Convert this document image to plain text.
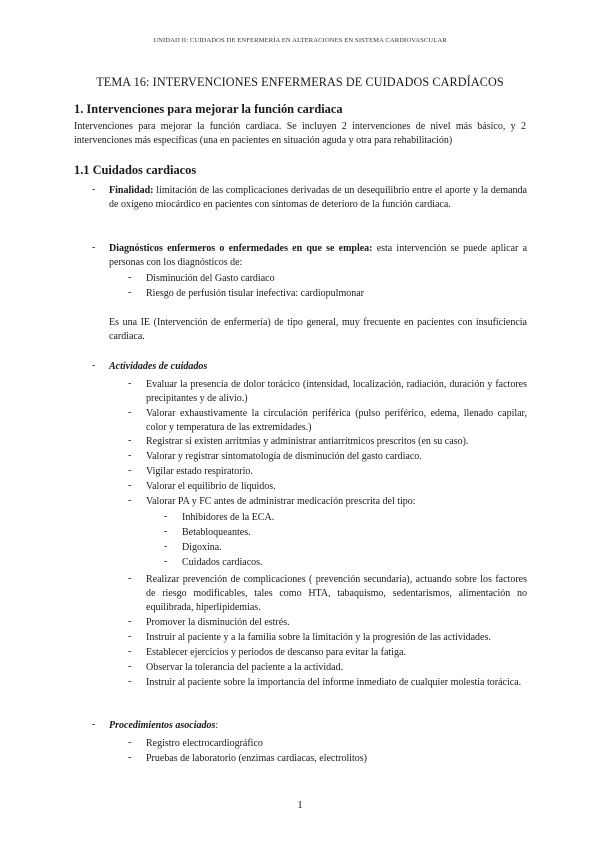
UNIDAD II: CUIDADOS DE ENFERMERÍA EN ALTERACIONES EN SISTEMA CARDIOVASCULAR
TEMA 16: INTERVENCIONES ENFERMERAS DE CUIDADOS CARDÍACOS
1. Intervenciones para mejorar la función cardiaca
Intervenciones para mejorar la función cardiaca. Se incluyen 2 intervenciones de nivel más básico, y 2 intervenciones más específicas (una en pacientes en situación aguda y otra para rehabilitación)
1.1 Cuidados cardiacos
- Finalidad: limitación de las complicaciones derivadas de un desequilibrio entre el aporte y la demanda de oxígeno miocárdico en pacientes con síntomas de deterioro de la función cardiaca.
- Diagnósticos enfermeros o enfermedades en que se emplea: esta intervención se puede aplicar a personas con los diagnósticos de:
- Disminución del Gasto cardiaco
- Riesgo de perfusión tisular inefectiva: cardiopulmonar
Es una IE (Intervención de enfermería) de tipo general, muy frecuente en pacientes con insuficiencia cardiaca.
- Actividades de cuidados
- Evaluar la presencia de dolor torácico (intensidad, localización, radiación, duración y factores precipitantes y de alivio.)
- Valorar exhaustivamente la circulación periférica (pulso periférico, edema, llenado capilar, color y temperatura de las extremidades.)
- Registrar si existen arritmias y administrar antiarrítmicos prescritos (en su caso).
- Valorar y registrar sintomatología de disminución del gasto cardiaco.
- Vigilar estado respiratorio.
- Valorar el equilibrio de líquidos.
- Valorar PA y FC antes de administrar medicación prescrita del tipo:
- Inhibidores de la ECA.
- Betabloqueantes.
- Digoxina.
- Cuidados cardiacos.
- Realizar prevención de complicaciones ( prevención secundaria), actuando sobre los factores de riesgo modificables, tales como HTA, tabaquismo, sedentarismos, alimentación no equilibrada, hiperlipidemias.
- Promover la disminución del estrés.
- Instruir al paciente y a la familia sobre la limitación y la progresión de las actividades.
- Establecer ejercicios y periodos de descanso para evitar la fatiga.
- Observar la tolerancia del paciente a la actividad.
- Instruir al paciente sobre la importancia del informe inmediato de cualquier molestia torácica.
- Procedimientos asociados:
- Registro electrocardiográfico
- Pruebas de laboratorio (enzimas cardiacas, electrolitos)
1
